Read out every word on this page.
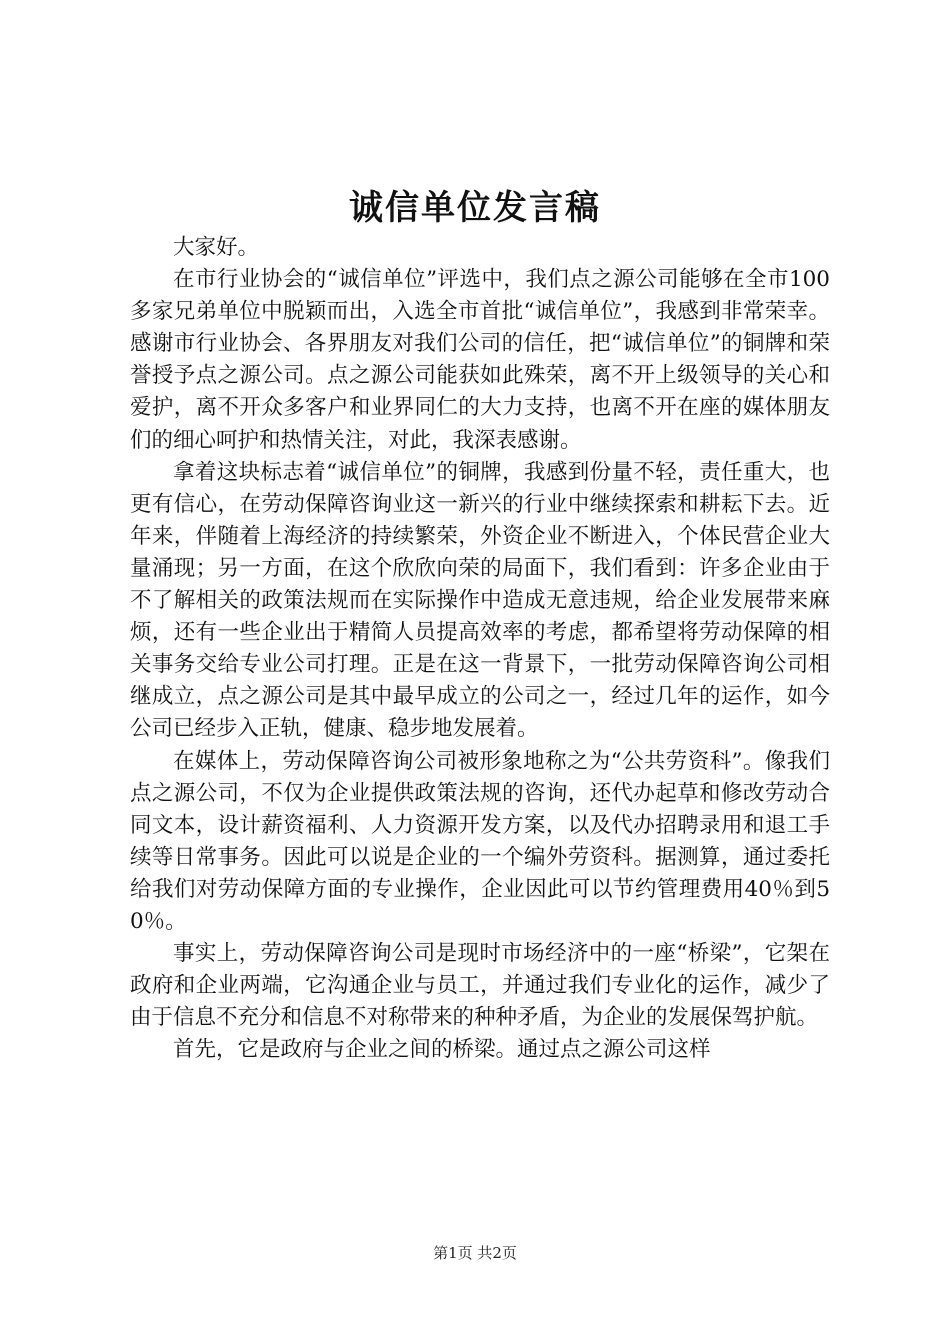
诚信单位发言稿

大家好。

在市行业协会的“诚信单位”评选中，我们点之源公司能够在全市100多家兄弟单位中脱颖而出，入选全市首批“诚信单位”，我感到非常荣幸。感谢市行业协会、各界朋友对我们公司的信任，把“诚信单位”的铜牌和荣誉授予点之源公司。点之源公司能获如此殊荣，离不开上级领导的关心和爱护，离不开众多客户和业界同仁的大力支持，也离不开在座的媒体朋友们的细心呵护和热情关注，对此，我深表感谢。

拿着这块标志着“诚信单位”的铜牌，我感到份量不轻，责任重大，也更有信心，在劳动保障咨询业这一新兴的行业中继续探索和耕耘下去。近年来，伴随着上海经济的持续繁荣，外资企业不断进入，个体民营企业大量涌现；另一方面，在这个欣欣向荣的局面下，我们看到：许多企业由于不了解相关的政策法规而在实际操作中造成无意违规，给企业发展带来麻烦，还有一些企业出于精简人员提高效率的考虑，都希望将劳动保障的相关事务交给专业公司打理。正是在这一背景下，一批劳动保障咨询公司相继成立，点之源公司是其中最早成立的公司之一，经过几年的运作，如今公司已经步入正轨，健康、稳步地发展着。

在媒体上，劳动保障咨询公司被形象地称之为“公共劳资科”。像我们点之源公司，不仅为企业提供政策法规的咨询，还代办起草和修改劳动合同文本，设计薪资福利、人力资源开发方案，以及代办招聘录用和退工手续等日常事务。因此可以说是企业的一个编外劳资科。据测算，通过委托给我们对劳动保障方面的专业操作，企业因此可以节约管理费用40％到50％。

事实上，劳动保障咨询公司是现时市场经济中的一座“桥梁”，它架在政府和企业两端，它沟通企业与员工，并通过我们专业化的运作，减少了由于信息不充分和信息不对称带来的种种矛盾，为企业的发展保驾护航。

首先，它是政府与企业之间的桥梁。通过点之源公司这样

第1页 共2页
